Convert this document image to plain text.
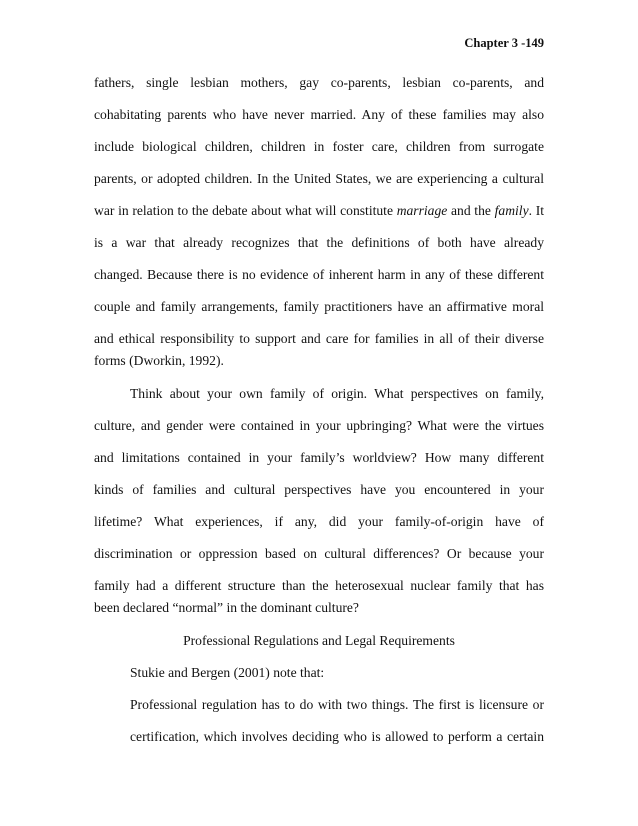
Chapter 3 -149
fathers, single lesbian mothers, gay co-parents, lesbian co-parents, and
cohabitating parents who have never married. Any of these families may also
include biological children, children in foster care, children from surrogate
parents, or adopted children. In the United States, we are experiencing a cultural
war in relation to the debate about what will constitute marriage and the family. It
is a war that already recognizes that the definitions of both have already
changed. Because there is no evidence of inherent harm in any of these different
couple and family arrangements, family practitioners have an affirmative moral
and ethical responsibility to support and care for families in all of their diverse
forms (Dworkin, 1992).
Think about your own family of origin. What perspectives on family,
culture, and gender were contained in your upbringing? What were the virtues
and limitations contained in your family’s worldview? How many different
kinds of families and cultural perspectives have you encountered in your
lifetime? What experiences, if any, did your family-of-origin have of
discrimination or oppression based on cultural differences? Or because your
family had a different structure than the heterosexual nuclear family that has
been declared “normal” in the dominant culture?
Professional Regulations and Legal Requirements
Stukie and Bergen (2001) note that:
Professional regulation has to do with two things. The first is licensure or
certification, which involves deciding who is allowed to perform a certain
